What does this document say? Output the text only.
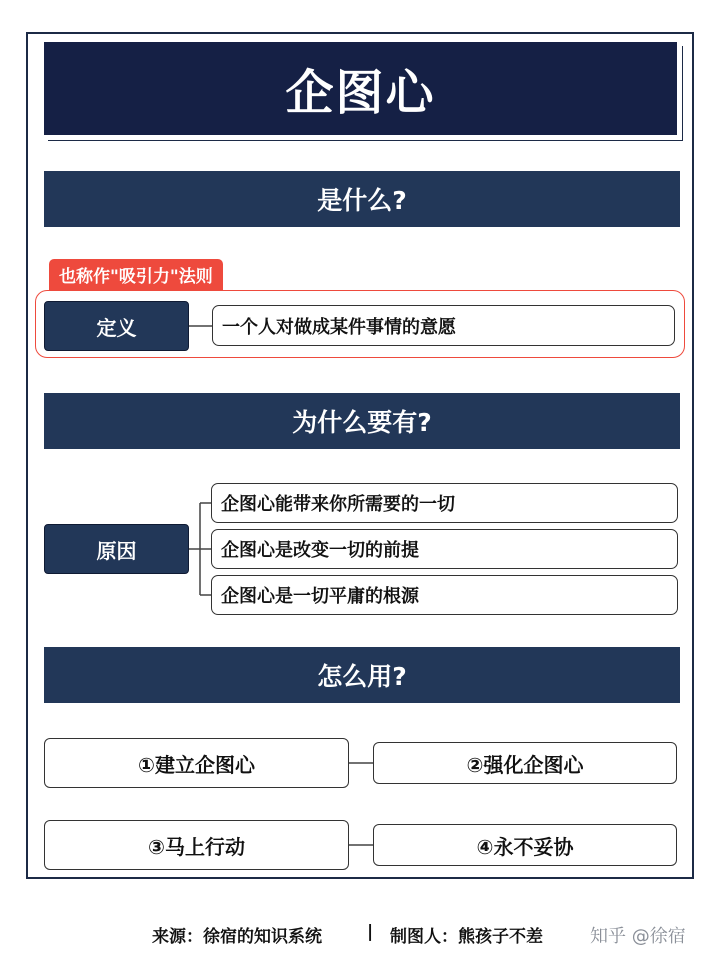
企图心
是什么?
也称作"吸引力"法则
定义	一个人对做成某件事情的意愿
为什么要有?
原因
企图心能带来你所需要的一切
企图心是改变一切的前提
企图心是一切平庸的根源
怎么用?
①建立企图心	②强化企图心
③马上行动	④永不妥协
来源：徐宿的知识系统	| 制图人：熊孩子不差	知乎 @徐宿
